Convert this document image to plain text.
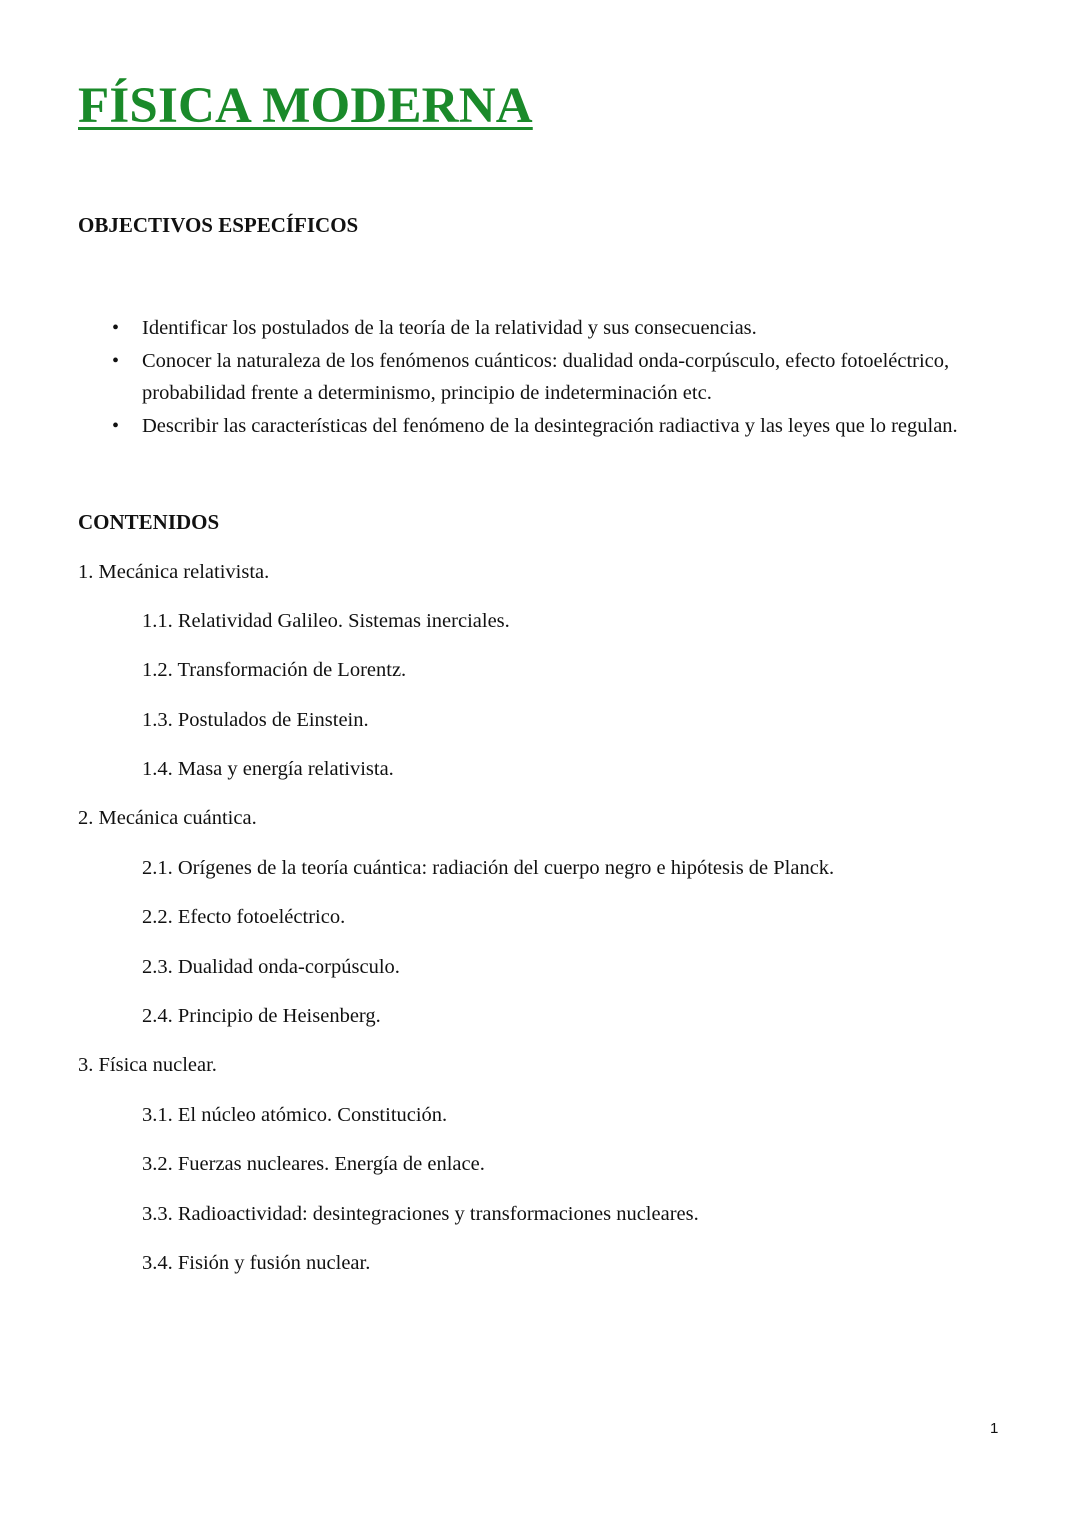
FÍSICA MODERNA
OBJECTIVOS ESPECÍFICOS
• Identificar los postulados de la teoría de la relatividad y sus consecuencias.
• Conocer la naturaleza de los fenómenos cuánticos: dualidad onda-corpúsculo, efecto fotoeléctrico,
probabilidad frente a determinismo, principio de indeterminación etc.
• Describir las características del fenómeno de la desintegración radiactiva y las leyes que lo regulan.
CONTENIDOS
1. Mecánica relativista.
1.1. Relatividad Galileo. Sistemas inerciales.
1.2. Transformación de Lorentz.
1.3. Postulados de Einstein.
1.4. Masa y energía relativista.
2. Mecánica cuántica.
2.1. Orígenes de la teoría cuántica: radiación del cuerpo negro e hipótesis de Planck.
2.2. Efecto fotoeléctrico.
2.3. Dualidad onda-corpúsculo.
2.4. Principio de Heisenberg.
3. Física nuclear.
3.1. El núcleo atómico. Constitución.
3.2. Fuerzas nucleares. Energía de enlace.
3.3. Radioactividad: desintegraciones y transformaciones nucleares.
3.4. Fisión y fusión nuclear.
1
